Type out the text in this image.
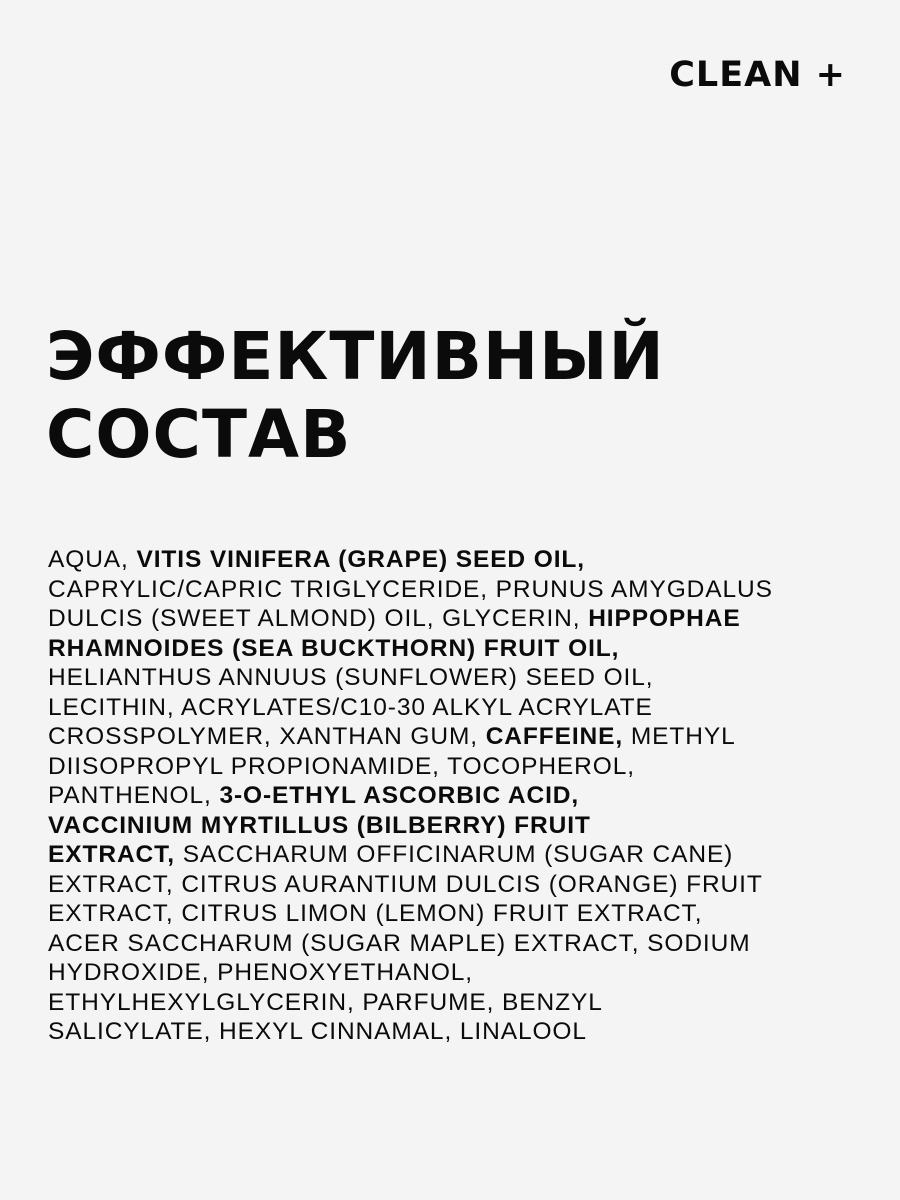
CLEAN +
ЭФФЕКТИВНЫЙ
СОСТАВ

AQUA, VITIS VINIFERA (GRAPE) SEED OIL,
CAPRYLIC/CAPRIC TRIGLYCERIDE, PRUNUS AMYGDALUS
DULCIS (SWEET ALMOND) OIL, GLYCERIN, HIPPOPHAE
RHAMNOIDES (SEA BUCKTHORN) FRUIT OIL,
HELIANTHUS ANNUUS (SUNFLOWER) SEED OIL,
LECITHIN, ACRYLATES/C10-30 ALKYL ACRYLATE
CROSSPOLYMER, XANTHAN GUM, CAFFEINE, METHYL
DIISOPROPYL PROPIONAMIDE, TOCOPHEROL,
PANTHENOL, 3-O-ETHYL ASCORBIC ACID,
VACCINIUM MYRTILLUS (BILBERRY) FRUIT
EXTRACT, SACCHARUM OFFICINARUM (SUGAR CANE)
EXTRACT, CITRUS AURANTIUM DULCIS (ORANGE) FRUIT
EXTRACT, CITRUS LIMON (LEMON) FRUIT EXTRACT,
ACER SACCHARUM (SUGAR MAPLE) EXTRACT, SODIUM
HYDROXIDE, PHENOXYETHANOL,
ETHYLHEXYLGLYCERIN, PARFUME, BENZYL
SALICYLATE, HEXYL CINNAMAL, LINALOOL
